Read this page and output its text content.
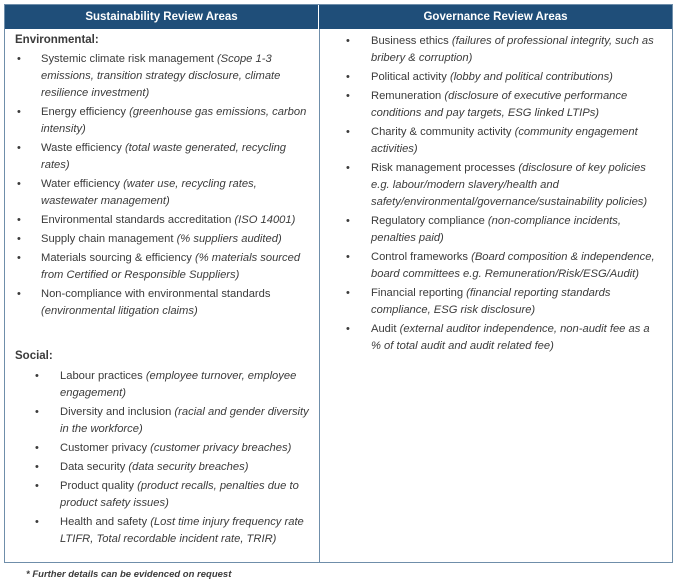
Sustainability Review Areas	Governance Review Areas
Environmental:
• Systemic climate risk management (Scope 1-3 emissions, transition strategy disclosure, climate resilience investment)
• Energy efficiency (greenhouse gas emissions, carbon intensity)
• Waste efficiency (total waste generated, recycling rates)
• Water efficiency (water use, recycling rates, wastewater management)
• Environmental standards accreditation (ISO 14001)
• Supply chain management (% suppliers audited)
• Materials sourcing & efficiency (% materials sourced from Certified or Responsible Suppliers)
• Non-compliance with environmental standards (environmental litigation claims)
Social:
• Labour practices (employee turnover, employee engagement)
• Diversity and inclusion (racial and gender diversity in the workforce)
• Customer privacy (customer privacy breaches)
• Data security (data security breaches)
• Product quality (product recalls, penalties due to product safety issues)
• Health and safety (Lost time injury frequency rate LTIFR, Total recordable incident rate, TRIR)
• Business ethics (failures of professional integrity, such as bribery & corruption)
• Political activity (lobby and political contributions)
• Remuneration (disclosure of executive performance conditions and pay targets, ESG linked LTIPs)
• Charity & community activity (community engagement activities)
• Risk management processes (disclosure of key policies e.g. labour/modern slavery/health and safety/environmental/governance/sustainability policies)
• Regulatory compliance (non-compliance incidents, penalties paid)
• Control frameworks (Board composition & independence, board committees e.g. Remuneration/Risk/ESG/Audit)
• Financial reporting (financial reporting standards compliance, ESG risk disclosure)
• Audit (external auditor independence, non-audit fee as a % of total audit and audit related fee)
* Further details can be evidenced on request
